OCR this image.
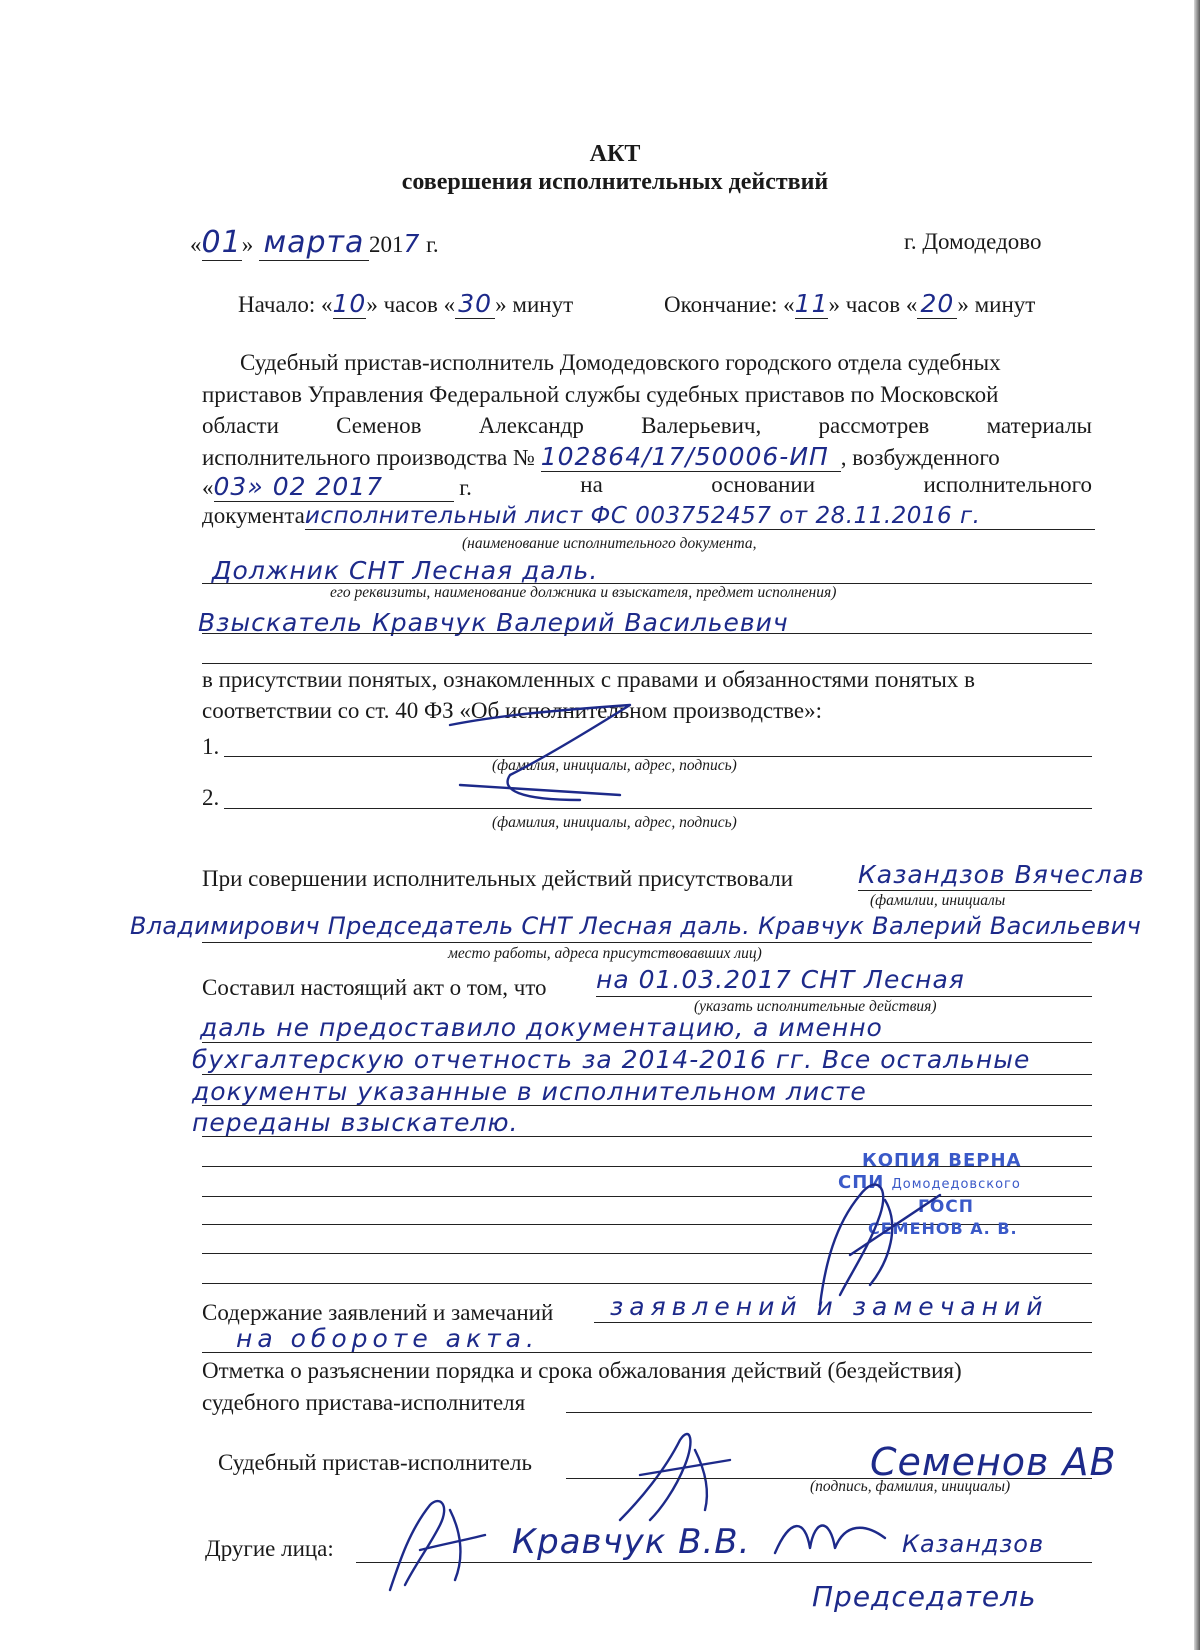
АКТ
совершения исполнительных действий
«01» марта 2017 г.	г. Домодедово
Начало: «10» часов « 30 » минут	Окончание: «11» часов « 20 » минут
Судебный пристав-исполнитель Домодедовского городского отдела судебных
приставов Управления Федеральной службы судебных приставов по Московской
области Семенов Александр Валерьевич, рассмотрев материалы
исполнительного производства № 102864/17/50006-ИП , возбужденного
«03» 02 2017	г.	на	основании	исполнительного
документаисполнительный лист ФС 003752457 от 28.11.2016 г.
(наименование исполнительного документа,
Должник СНТ Лесная даль.
его реквизиты, наименование должника и взыскателя, предмет исполнения)
Взыскатель Кравчук Валерий Васильевич
в присутствии понятых, ознакомленных с правами и обязанностями понятых в
соответствии со ст. 40 ФЗ «Об исполнительном производстве»:
1.
(фамилия, инициалы, адрес, подпись)
2.
(фамилия, инициалы, адрес, подпись)
При совершении исполнительных действий присутствовали	Казандзов Вячеслав
(фамилии, инициалы
Владимирович Председатель СНТ Лесная даль. Кравчук Валерий Васильевич
место работы, адреса присутствовавших лиц)
Составил настоящий акт о том, что на 01.03.2017 СНТ Лесная
(указать исполнительные действия)
даль не предоставило документацию, а именно
бухгалтерскую отчетность за 2014-2016 гг. Все остальные
документы указанные в исполнительном листе
переданы взыскателю.
КОПИЯ ВЕРНА
СПИ Домодедовского
ГОСП
СЕМЕНОВ А. В.
Содержание заявлений и замечаний заявлений и замечаний
на обороте акта.
Отметка о разъяснении порядка и срока обжалования действий (бездействия)
судебного пристава-исполнителя
Судебный пристав-исполнитель	Семенов АВ
(подпись, фамилия, инициалы)
Другие лица:	Кравчук В.В.	Казандзов
Председатель
